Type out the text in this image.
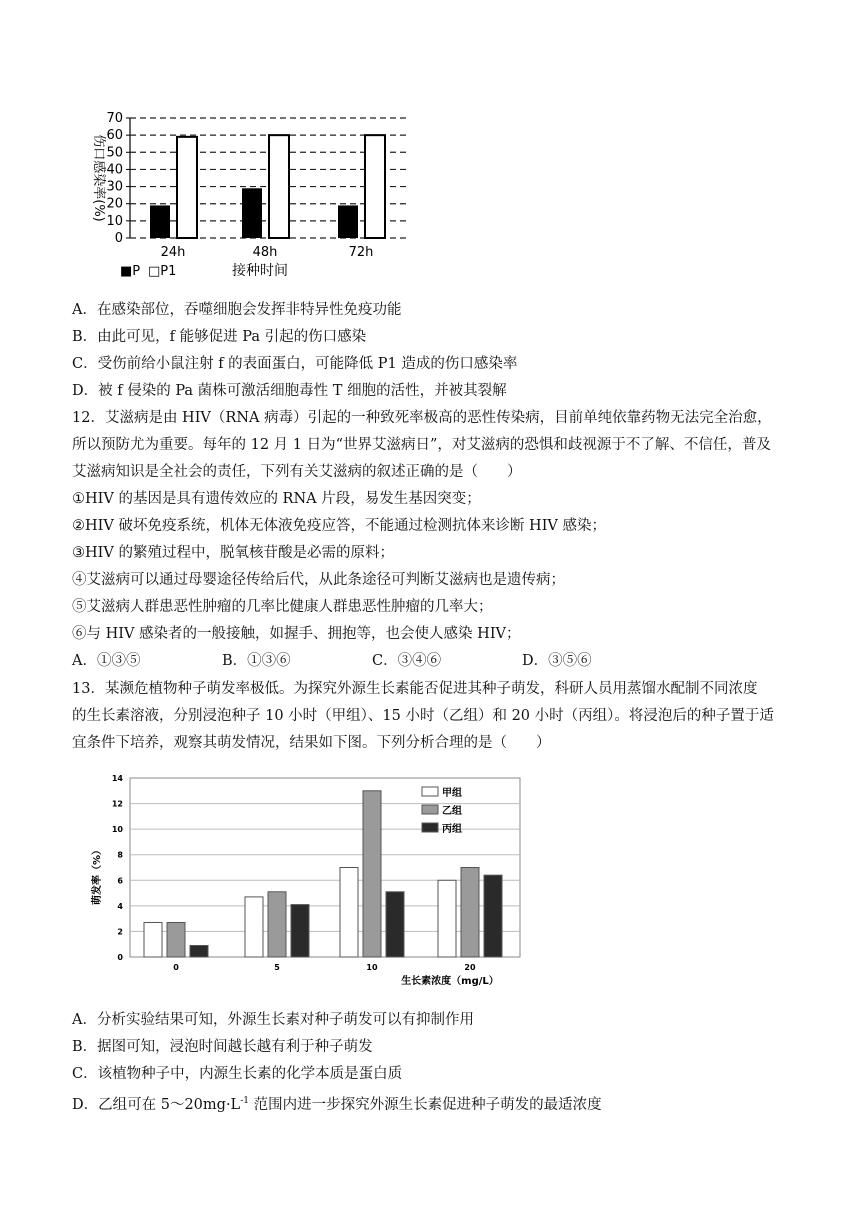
0
10
20
30
40
50
60
70
24h	48h	72h
伤口感染率(%)
■P □P1	接种时间
A．在感染部位，吞噬细胞会发挥非特异性免疫功能
B．由此可见，f 能够促进 Pa 引起的伤口感染
C．受伤前给小鼠注射 f 的表面蛋白，可能降低 P1 造成的伤口感染率
D．被 f 侵染的 Pa 菌株可激活细胞毒性 T 细胞的活性，并被其裂解
12．艾滋病是由 HIV（RNA 病毒）引起的一种致死率极高的恶性传染病，目前单纯依靠药物无法完全治愈，
所以预防尤为重要。每年的 12 月 1 日为“世界艾滋病日”，对艾滋病的恐惧和歧视源于不了解、不信任，普及
艾滋病知识是全社会的责任，下列有关艾滋病的叙述正确的是（　　）
①HIV 的基因是具有遗传效应的 RNA 片段，易发生基因突变；
②HIV 破坏免疫系统，机体无体液免疫应答，不能通过检测抗体来诊断 HIV 感染；
③HIV 的繁殖过程中，脱氧核苷酸是必需的原料；
④艾滋病可以通过母婴途径传给后代，从此条途径可判断艾滋病也是遗传病；
⑤艾滋病人群患恶性肿瘤的几率比健康人群患恶性肿瘤的几率大；
⑥与 HIV 感染者的一般接触，如握手、拥抱等，也会使人感染 HIV；
A．①③⑤	B．①③⑥	C．③④⑥	D．③⑤⑥
13．某濒危植物种子萌发率极低。为探究外源生长素能否促进其种子萌发，科研人员用蒸馏水配制不同浓度
的生长素溶液，分别浸泡种子 10 小时（甲组）、15 小时（乙组）和 20 小时（丙组）。将浸泡后的种子置于适
宜条件下培养，观察其萌发情况，结果如下图。下列分析合理的是（　　）
0
2
4
6
8
10
12
14
0	5	10	20
萌发率（%）
生长素浓度（mg/L）
甲组
乙组
丙组
A．分析实验结果可知，外源生长素对种子萌发可以有抑制作用
B．据图可知，浸泡时间越长越有利于种子萌发
C．该植物种子中，内源生长素的化学本质是蛋白质
D．乙组可在 $5\sim 20mg\cdot L^{-1}$ 范围内进一步探究外源生长素促进种子萌发的最适浓度
